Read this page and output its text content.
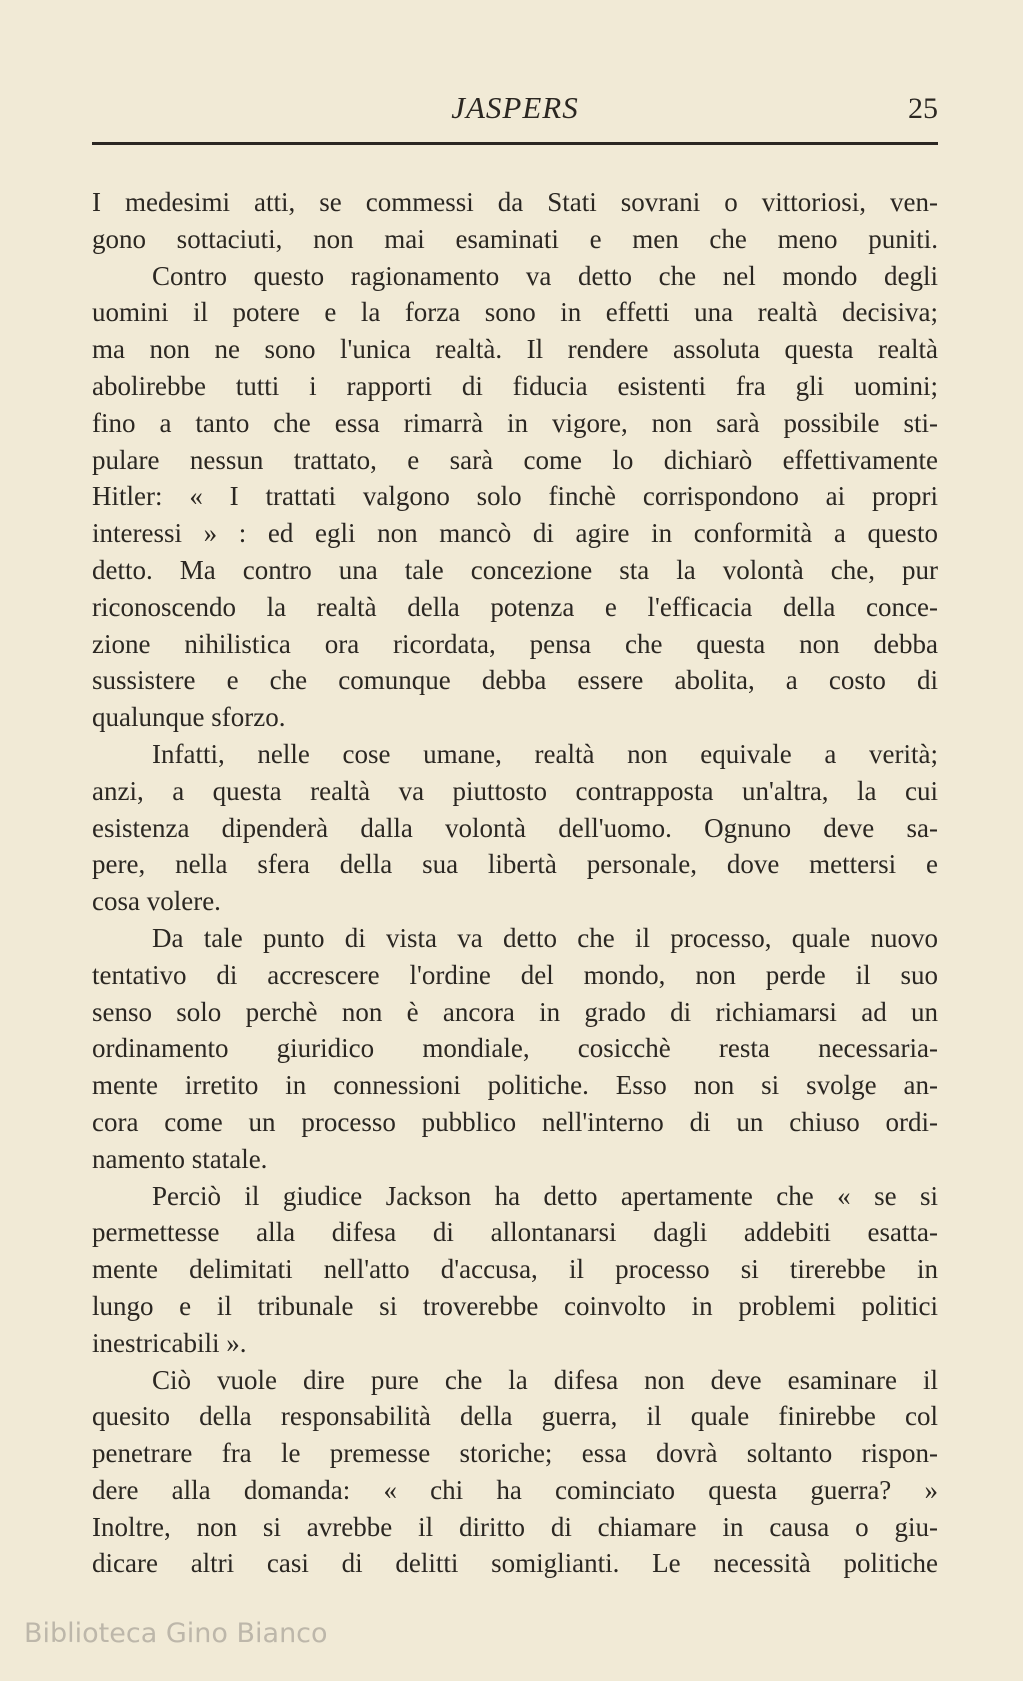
JASPERS	25
I medesimi atti, se commessi da Stati sovrani o vittoriosi, ven-
gono sottaciuti, non mai esaminati e men che meno puniti.
Contro questo ragionamento va detto che nel mondo degli
uomini il potere e la forza sono in effetti una realtà decisiva;
ma non ne sono l'unica realtà. Il rendere assoluta questa realtà
abolirebbe tutti i rapporti di fiducia esistenti fra gli uomini;
fino a tanto che essa rimarrà in vigore, non sarà possibile sti-
pulare nessun trattato, e sarà come lo dichiarò effettivamente
Hitler: « I trattati valgono solo finchè corrispondono ai propri
interessi » : ed egli non mancò di agire in conformità a questo
detto. Ma contro una tale concezione sta la volontà che, pur
riconoscendo la realtà della potenza e l'efficacia della conce-
zione nihilistica ora ricordata, pensa che questa non debba
sussistere e che comunque debba essere abolita, a costo di
qualunque sforzo.
Infatti, nelle cose umane, realtà non equivale a verità;
anzi, a questa realtà va piuttosto contrapposta un'altra, la cui
esistenza dipenderà dalla volontà dell'uomo. Ognuno deve sa-
pere, nella sfera della sua libertà personale, dove mettersi e
cosa volere.
Da tale punto di vista va detto che il processo, quale nuovo
tentativo di accrescere l'ordine del mondo, non perde il suo
senso solo perchè non è ancora in grado di richiamarsi ad un
ordinamento giuridico mondiale, cosicchè resta necessaria-
mente irretito in connessioni politiche. Esso non si svolge an-
cora come un processo pubblico nell'interno di un chiuso ordi-
namento statale.
Perciò il giudice Jackson ha detto apertamente che « se si
permettesse alla difesa di allontanarsi dagli addebiti esatta-
mente delimitati nell'atto d'accusa, il processo si tirerebbe in
lungo e il tribunale si troverebbe coinvolto in problemi politici
inestricabili ».
Ciò vuole dire pure che la difesa non deve esaminare il
quesito della responsabilità della guerra, il quale finirebbe col
penetrare fra le premesse storiche; essa dovrà soltanto rispon-
dere alla domanda: « chi ha cominciato questa guerra? »
Inoltre, non si avrebbe il diritto di chiamare in causa o giu-
dicare altri casi di delitti somiglianti. Le necessità politiche
Biblioteca Gino Bianco
